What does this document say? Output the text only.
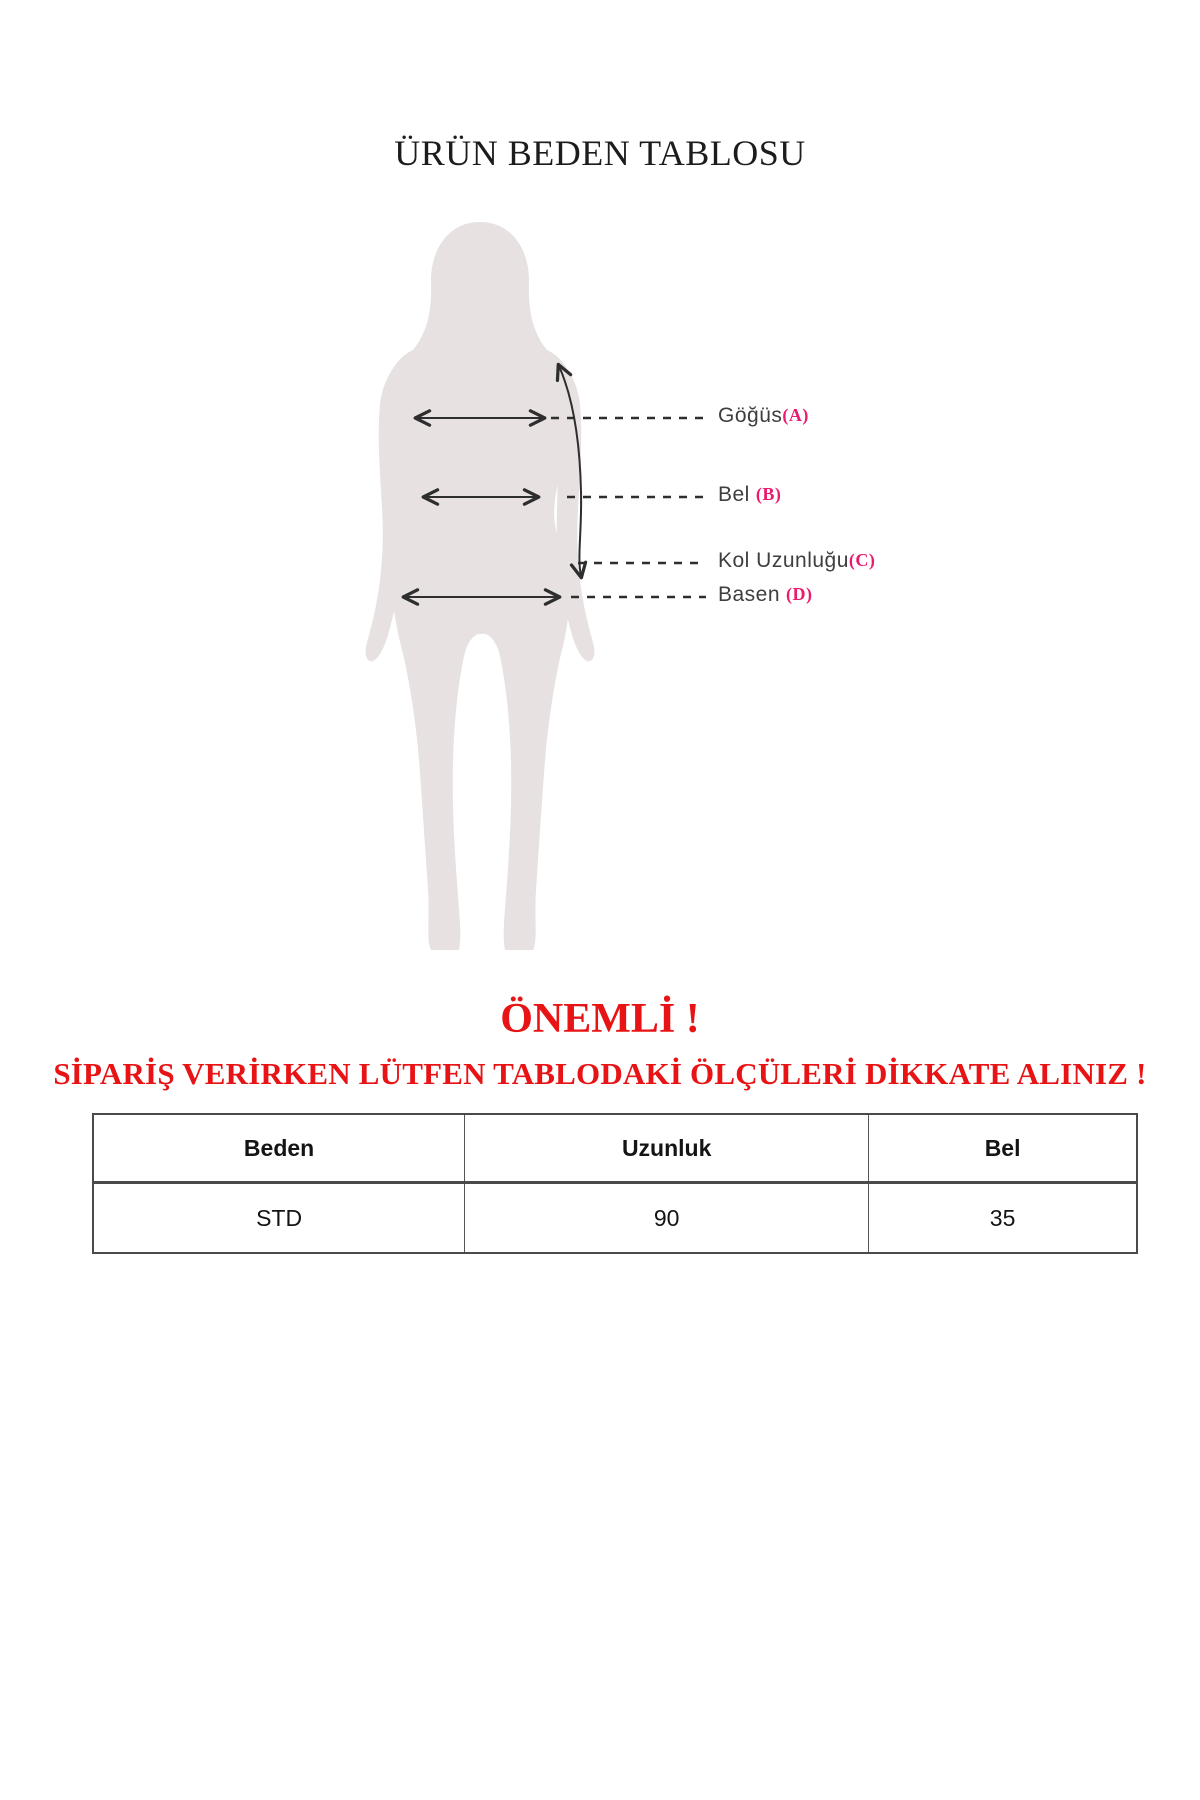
ÜRÜN BEDEN TABLOSU
Göğüs(A)
Bel (B)
Kol Uzunluğu(C)
Basen (D)
ÖNEMLİ !
SİPARİŞ VERİRKEN LÜTFEN TABLODAKİ ÖLÇÜLERİ DİKKATE ALINIZ !
Beden	Uzunluk	Bel
STD	90	35
